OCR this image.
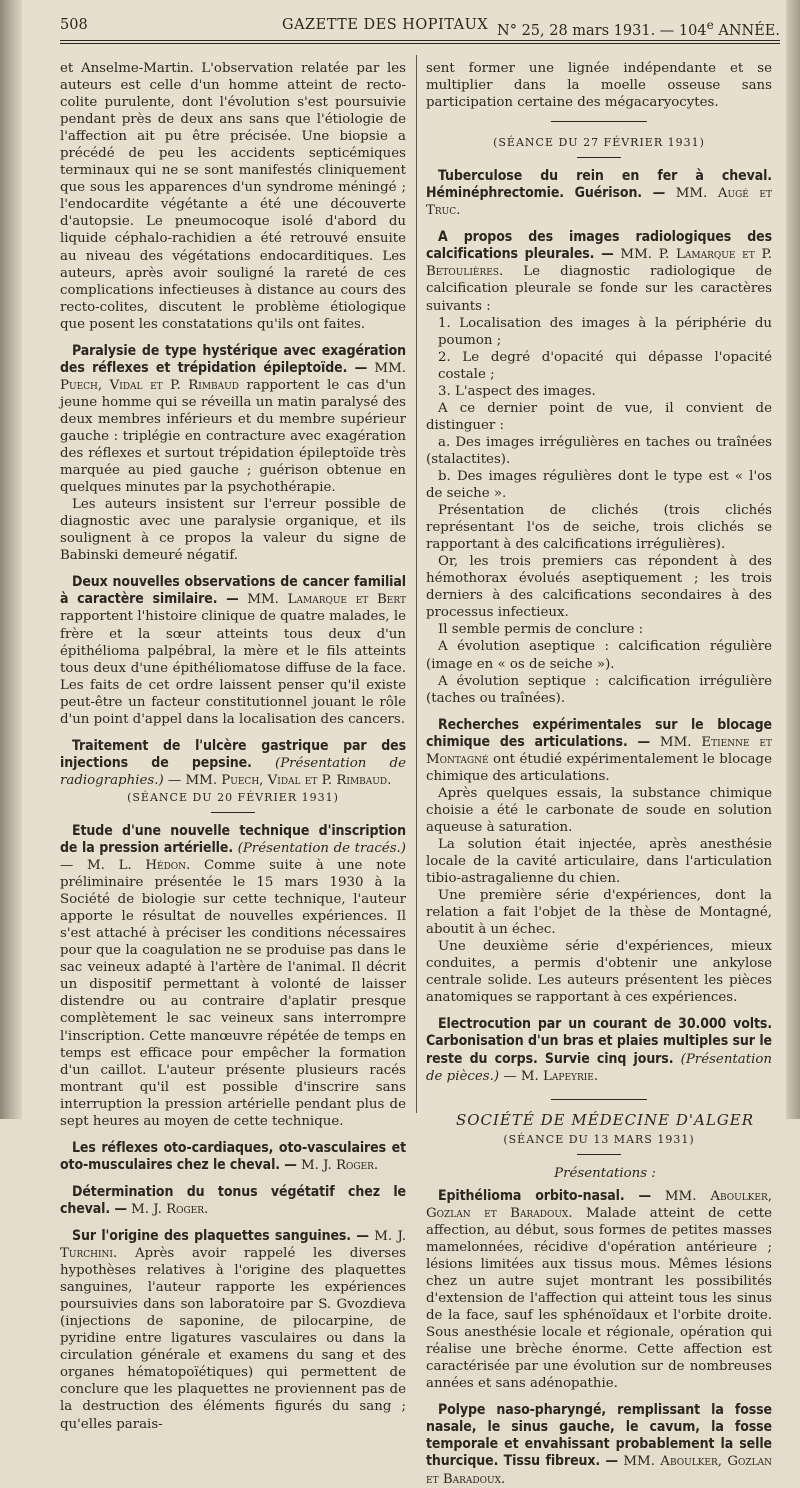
508	GAZETTE DES HOPITAUX N° 25, 28 mars 1931. — 104e ANNÉE.

et Anselme-Martin. L'observation relatée par les auteurs est celle d'un homme atteint de recto-colite purulente, dont l'évolution s'est poursuivie pendant près de deux ans sans que l'étiologie de l'affection ait pu être précisée. Une biopsie a précédé de peu les accidents septicémiques terminaux qui ne se sont manifestés cliniquement que sous les apparences d'un syndrome méningé ; l'endocardite végétante a été une découverte d'autopsie. Le pneumocoque isolé d'abord du liquide céphalo-rachidien a été retrouvé ensuite au niveau des végétations endocarditiques. Les auteurs, après avoir souligné la rareté de ces complications infectieuses à distance au cours des recto-colites, discutent le problème étiologique que posent les constatations qu'ils ont faites.

Paralysie de type hystérique avec exagération des réflexes et trépidation épileptoïde. — MM. Puech, Vidal et P. Rimbaud rapportent le cas d'un jeune homme qui se réveilla un matin paralysé des deux membres inférieurs et du membre supérieur gauche : triplégie en contracture avec exagération des réflexes et surtout trépidation épileptoïde très marquée au pied gauche ; guérison obtenue en quelques minutes par la psychothérapie.

Les auteurs insistent sur l'erreur possible de diagnostic avec une paralysie organique, et ils soulignent à ce propos la valeur du signe de Babinski demeuré négatif.

Deux nouvelles observations de cancer familial à caractère similaire. — MM. Lamarque et Bert rapportent l'histoire clinique de quatre malades, le frère et la sœur atteints tous deux d'un épithélioma palpébral, la mère et le fils atteints tous deux d'une épithéliomatose diffuse de la face. Les faits de cet ordre laissent penser qu'il existe peut-être un facteur constitutionnel jouant le rôle d'un point d'appel dans la localisation des cancers.

Traitement de l'ulcère gastrique par des injections de pepsine. (Présentation de radiographies.) — MM. Puech, Vidal et P. Rimbaud.

(SÉANCE DU 20 FÉVRIER 1931)

Etude d'une nouvelle technique d'inscription de la pression artérielle. (Présentation de tracés.) — M. L. Hédon. Comme suite à une note préliminaire présentée le 15 mars 1930 à la Société de biologie sur cette technique, l'auteur apporte le résultat de nouvelles expériences. Il s'est attaché à préciser les conditions nécessaires pour que la coagulation ne se produise pas dans le sac veineux adapté à l'artère de l'animal. Il décrit un dispositif permettant à volonté de laisser distendre ou au contraire d'aplatir presque complètement le sac veineux sans interrompre l'inscription. Cette manœuvre répétée de temps en temps est efficace pour empêcher la formation d'un caillot. L'auteur présente plusieurs racés montrant qu'il est possible d'inscrire sans interruption la pression artérielle pendant plus de sept heures au moyen de cette technique.

Les réflexes oto-cardiaques, oto-vasculaires et oto-musculaires chez le cheval. — M. J. Roger.

Détermination du tonus végétatif chez le cheval. — M. J. Roger.

Sur l'origine des plaquettes sanguines. — M. J. Turchini. Après avoir rappelé les diverses hypothèses relatives à l'origine des plaquettes sanguines, l'auteur rapporte les expériences poursuivies dans son laboratoire par S. Gvozdieva (injections de saponine, de pilocarpine, de pyridine entre ligatures vasculaires ou dans la circulation générale et examens du sang et des organes hématopoïétiques) qui permettent de conclure que les plaquettes ne proviennent pas de la destruction des éléments figurés du sang ; qu'elles parais-

sent former une lignée indépendante et se multiplier dans la moelle osseuse sans participation certaine des mégacaryocytes.

(SÉANCE DU 27 FÉVRIER 1931)

Tuberculose du rein en fer à cheval. Héminéphrectomie. Guérison. — MM. Augé et Truc.

A propos des images radiologiques des calcifications pleurales. — MM. P. Lamarque et P. Betoulières. Le diagnostic radiologique de calcification pleurale se fonde sur les caractères suivants :

1. Localisation des images à la périphérie du poumon ;

2. Le degré d'opacité qui dépasse l'opacité costale ;

3. L'aspect des images.

A ce dernier point de vue, il convient de distinguer :

a. Des images irrégulières en taches ou traînées (stalactites).

b. Des images régulières dont le type est « l'os de seiche ».

Présentation de clichés (trois clichés représentant l'os de seiche, trois clichés se rapportant à des calcifications irrégulières).

Or, les trois premiers cas répondent à des hémothorax évolués aseptiquement ; les trois derniers à des calcifications secondaires à des processus infectieux.

Il semble permis de conclure :

A évolution aseptique : calcification régulière (image en « os de seiche »).

A évolution septique : calcification irrégulière (taches ou traînées).

Recherches expérimentales sur le blocage chimique des articulations. — MM. Etienne et Montagné ont étudié expérimentalement le blocage chimique des articulations.

Après quelques essais, la substance chimique choisie a été le carbonate de soude en solution aqueuse à saturation.

La solution était injectée, après anesthésie locale de la cavité articulaire, dans l'articulation tibio-astragalienne du chien.

Une première série d'expériences, dont la relation a fait l'objet de la thèse de Montagné, aboutit à un échec.

Une deuxième série d'expériences, mieux conduites, a permis d'obtenir une ankylose centrale solide. Les auteurs présentent les pièces anatomiques se rapportant à ces expériences.

Electrocution par un courant de 30.000 volts. Carbonisation d'un bras et plaies multiples sur le reste du corps. Survie cinq jours. (Présentation de pièces.) — M. Lapeyrie.

SOCIÉTÉ DE MÉDECINE D'ALGER

(SÉANCE DU 13 MARS 1931)

Présentations :

Epithélioma orbito-nasal. — MM. Aboulker, Gozlan et Baradoux. Malade atteint de cette affection, au début, sous formes de petites masses mamelonnées, récidive d'opération antérieure ; lésions limitées aux tissus mous. Mêmes lésions chez un autre sujet montrant les possibilités d'extension de l'affection qui atteint tous les sinus de la face, sauf les sphénoïdaux et l'orbite droite. Sous anesthésie locale et régionale, opération qui réalise une brèche énorme. Cette affection est caractérisée par une évolution sur de nombreuses années et sans adénopathie.

Polype naso-pharyngé, remplissant la fosse nasale, le sinus gauche, le cavum, la fosse temporale et envahissant probablement la selle thurcique. Tissu fibreux. — MM. Aboulker, Gozlan et Baradoux.
